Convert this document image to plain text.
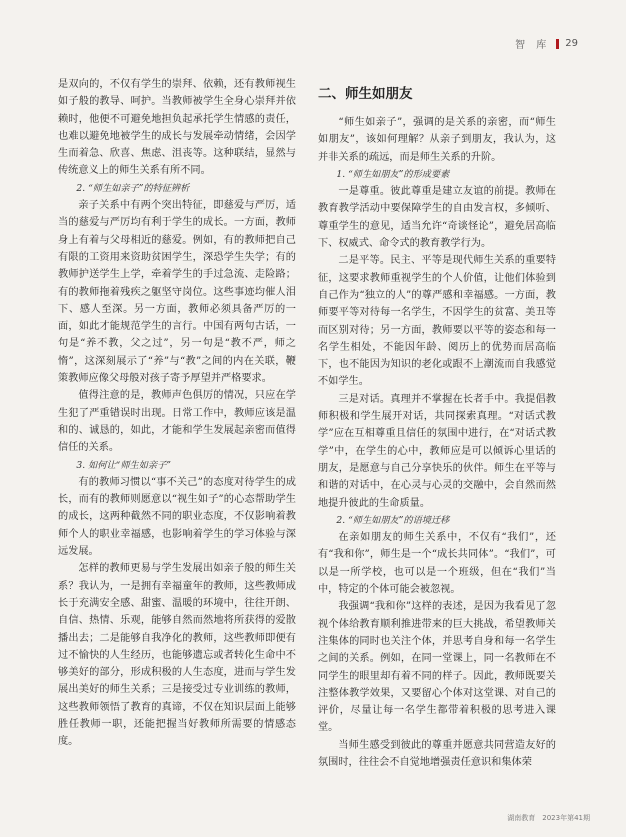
智 库 29

是双向的，不仅有学生的崇拜、依赖，还有教师视生如子般的教导、呵护。当教师被学生全身心崇拜并依赖时，他便不可避免地担负起承托学生情感的责任，也难以避免地被学生的成长与发展牵动情绪，会因学生而着急、欣喜、焦虑、沮丧等。这种联结，显然与传统意义上的师生关系有所不同。

2. “师生如亲子”的特征辨析

亲子关系中有两个突出特征，即慈爱与严厉，适当的慈爱与严厉均有利于学生的成长。一方面，教师身上有着与父母相近的慈爱。例如，有的教师把自己有限的工资用来资助贫困学生，深恐学生失学；有的教师护送学生上学，牵着学生的手过急流、走险路；有的教师拖着残疾之躯坚守岗位。这些事迹均催人泪下、感人至深。另一方面，教师必须具备严厉的一面，如此才能规范学生的言行。中国有两句古话，一句是“养不教，父之过”，另一句是“教不严，师之惰”，这深刻展示了“养”与“教”之间的内在关联，鞭策教师应像父母般对孩子寄予厚望并严格要求。

值得注意的是，教师声色俱厉的情况，只应在学生犯了严重错误时出现。日常工作中，教师应该是温和的、诚恳的，如此，才能和学生发展起亲密而值得信任的关系。

3. 如何让“师生如亲子”

有的教师习惯以“事不关己”的态度对待学生的成长，而有的教师则愿意以“视生如子”的心态帮助学生的成长，这两种截然不同的职业态度，不仅影响着教师个人的职业幸福感，也影响着学生的学习体验与深远发展。

怎样的教师更易与学生发展出如亲子般的师生关系？我认为，一是拥有幸福童年的教师，这些教师成长于充满安全感、甜蜜、温暖的环境中，往往开朗、自信、热情、乐观，能够自然而然地将所获得的爱散播出去；二是能够自我净化的教师，这些教师即便有过不愉快的人生经历，也能够遗忘或者转化生命中不够美好的部分，形成积极的人生态度，进而与学生发展出美好的师生关系；三是接受过专业训练的教师，这些教师领悟了教育的真谛，不仅在知识层面上能够胜任教师一职，还能把握当好教师所需要的情感态度。

二、师生如朋友

“师生如亲子”，强调的是关系的亲密，而“师生如朋友”，该如何理解？从亲子到朋友，我认为，这并非关系的疏远，而是师生关系的升阶。

1. “师生如朋友”的形成要素

一是尊重。彼此尊重是建立友谊的前提。教师在教育教学活动中要保障学生的自由发言权，多倾听、尊重学生的意见，适当允许“奇谈怪论”，避免居高临下、权威式、命令式的教育教学行为。

二是平等。民主、平等是现代师生关系的重要特征，这要求教师重视学生的个人价值，让他们体验到自己作为“独立的人”的尊严感和幸福感。一方面，教师要平等对待每一名学生，不因学生的贫富、美丑等而区别对待；另一方面，教师要以平等的姿态和每一名学生相处，不能因年龄、阅历上的优势而居高临下，也不能因为知识的老化或跟不上潮流而自我感觉不如学生。

三是对话。真理并不掌握在长者手中。我提倡教师积极和学生展开对话，共同探索真理。“对话式教学”应在互相尊重且信任的氛围中进行，在“对话式教学”中，在学生的心中，教师应是可以倾诉心里话的朋友，是愿意与自己分享快乐的伙伴。师生在平等与和谐的对话中，在心灵与心灵的交融中，会自然而然地提升彼此的生命质量。

2. “师生如朋友”的语境迁移

在亲如朋友的师生关系中，不仅有“我们”，还有“我和你”，师生是一个“成长共同体”。“我们”，可以是一所学校，也可以是一个班级，但在“我们”当中，特定的个体可能会被忽视。

我强调“我和你”这样的表述，是因为我看见了忽视个体给教育顺利推进带来的巨大挑战，希望教师关注集体的同时也关注个体，并思考自身和每一名学生之间的关系。例如，在同一堂课上，同一名教师在不同学生的眼里却有着不同的样子。因此，教师既要关注整体教学效果，又要留心个体对这堂课、对自己的评价，尽量让每一名学生都带着积极的思考进入课堂。

当师生感受到彼此的尊重并愿意共同营造友好的氛围时，往往会不自觉地增强责任意识和集体荣

湖南教育　2023年第41期
